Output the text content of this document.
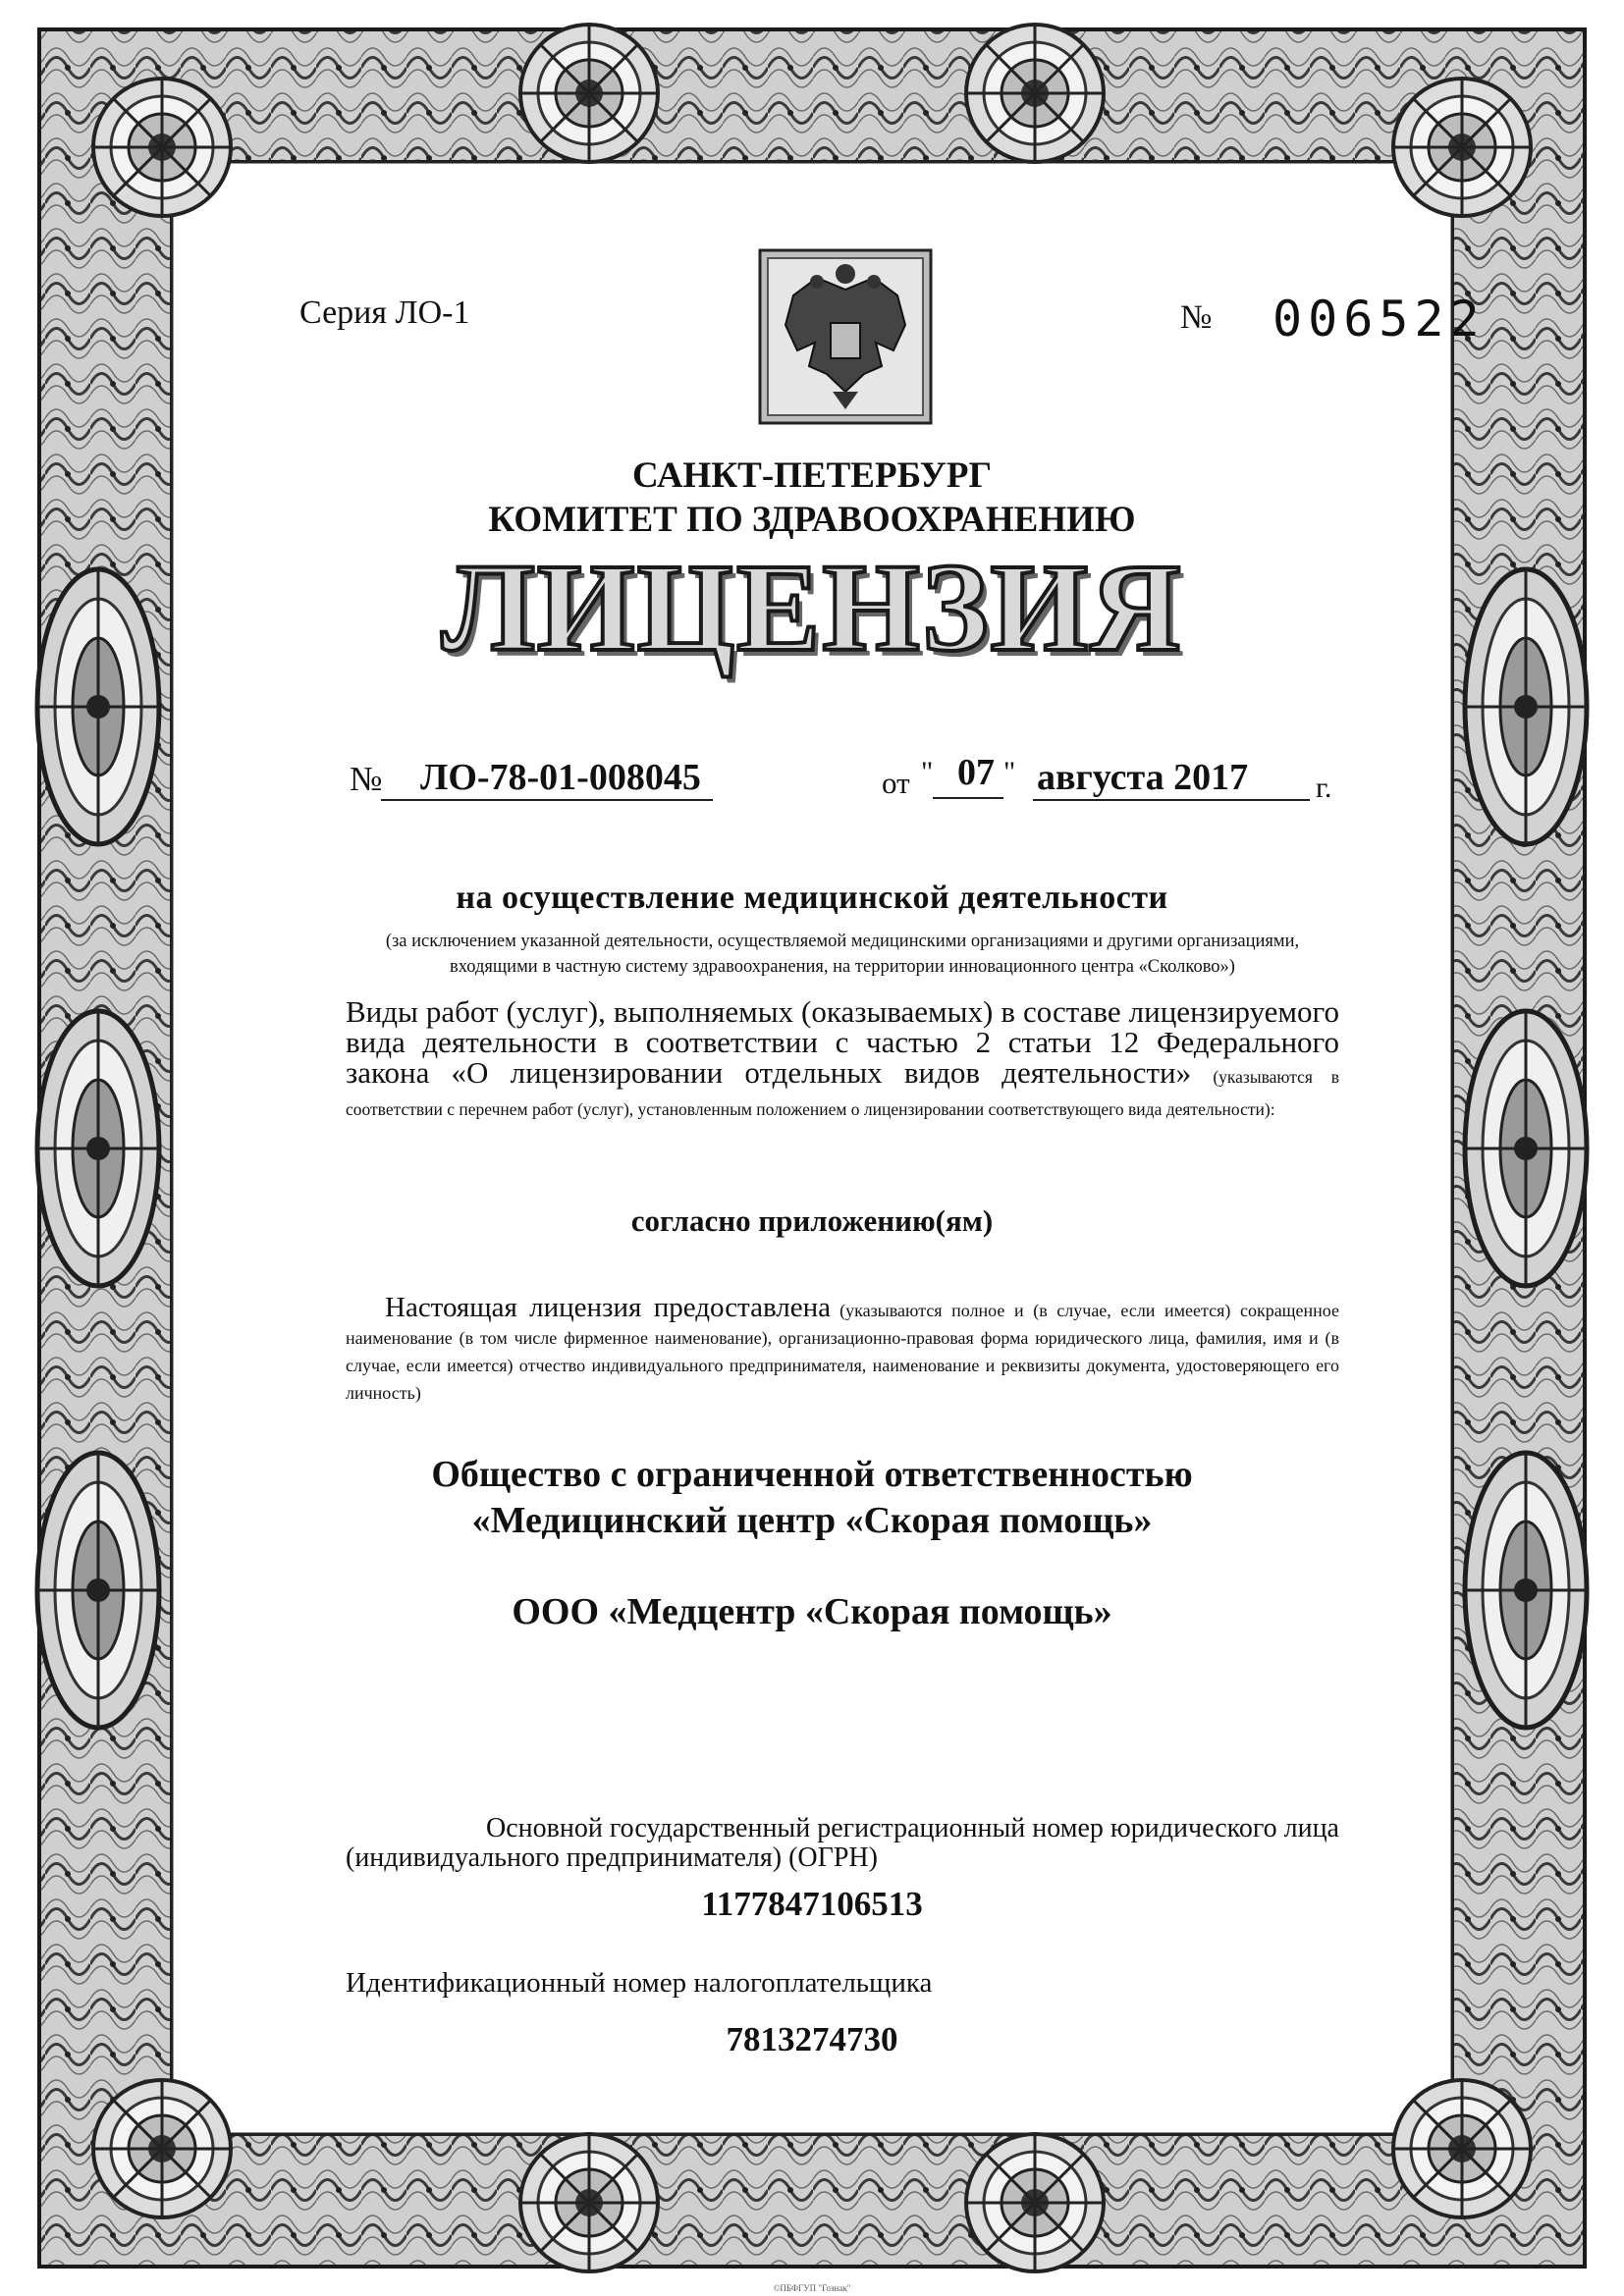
Серия ЛО-1	№ 006522
САНКТ-ПЕТЕРБУРГ
КОМИТЕТ ПО ЗДРАВООХРАНЕНИЮ
ЛИЦЕНЗИЯ
№ ЛО-78-01-008045	от " 07 " августа 2017 г.
на осуществление медицинской деятельности
(за исключением указанной деятельности, осуществляемой медицинскими организациями и другими организациями, входящими в частную систему здравоохранения, на территории инновационного центра «Сколково»)
Виды работ (услуг), выполняемых (оказываемых) в составе лицензируемого вида деятельности в соответствии с частью 2 статьи 12 Федерального закона «О лицензировании отдельных видов деятельности» (указываются в соответствии с перечнем работ (услуг), установленным положением о лицензировании соответствующего вида деятельности):
согласно приложению(ям)
Настоящая лицензия предоставлена (указываются полное и (в случае, если имеется) сокращенное наименование (в том числе фирменное наименование), организационно-правовая форма юридического лица, фамилия, имя и (в случае, если имеется) отчество индивидуального предпринимателя, наименование и реквизиты документа, удостоверяющего его личность)
Общество с ограниченной ответственностью
«Медицинский центр «Скорая помощь»
ООО «Медцентр «Скорая помощь»
Основной государственный регистрационный номер юридического лица
(индивидуального предпринимателя) (ОГРН)
1177847106513
Идентификационный номер налогоплательщика
7813274730
©ПБФГУП "Гознак"
